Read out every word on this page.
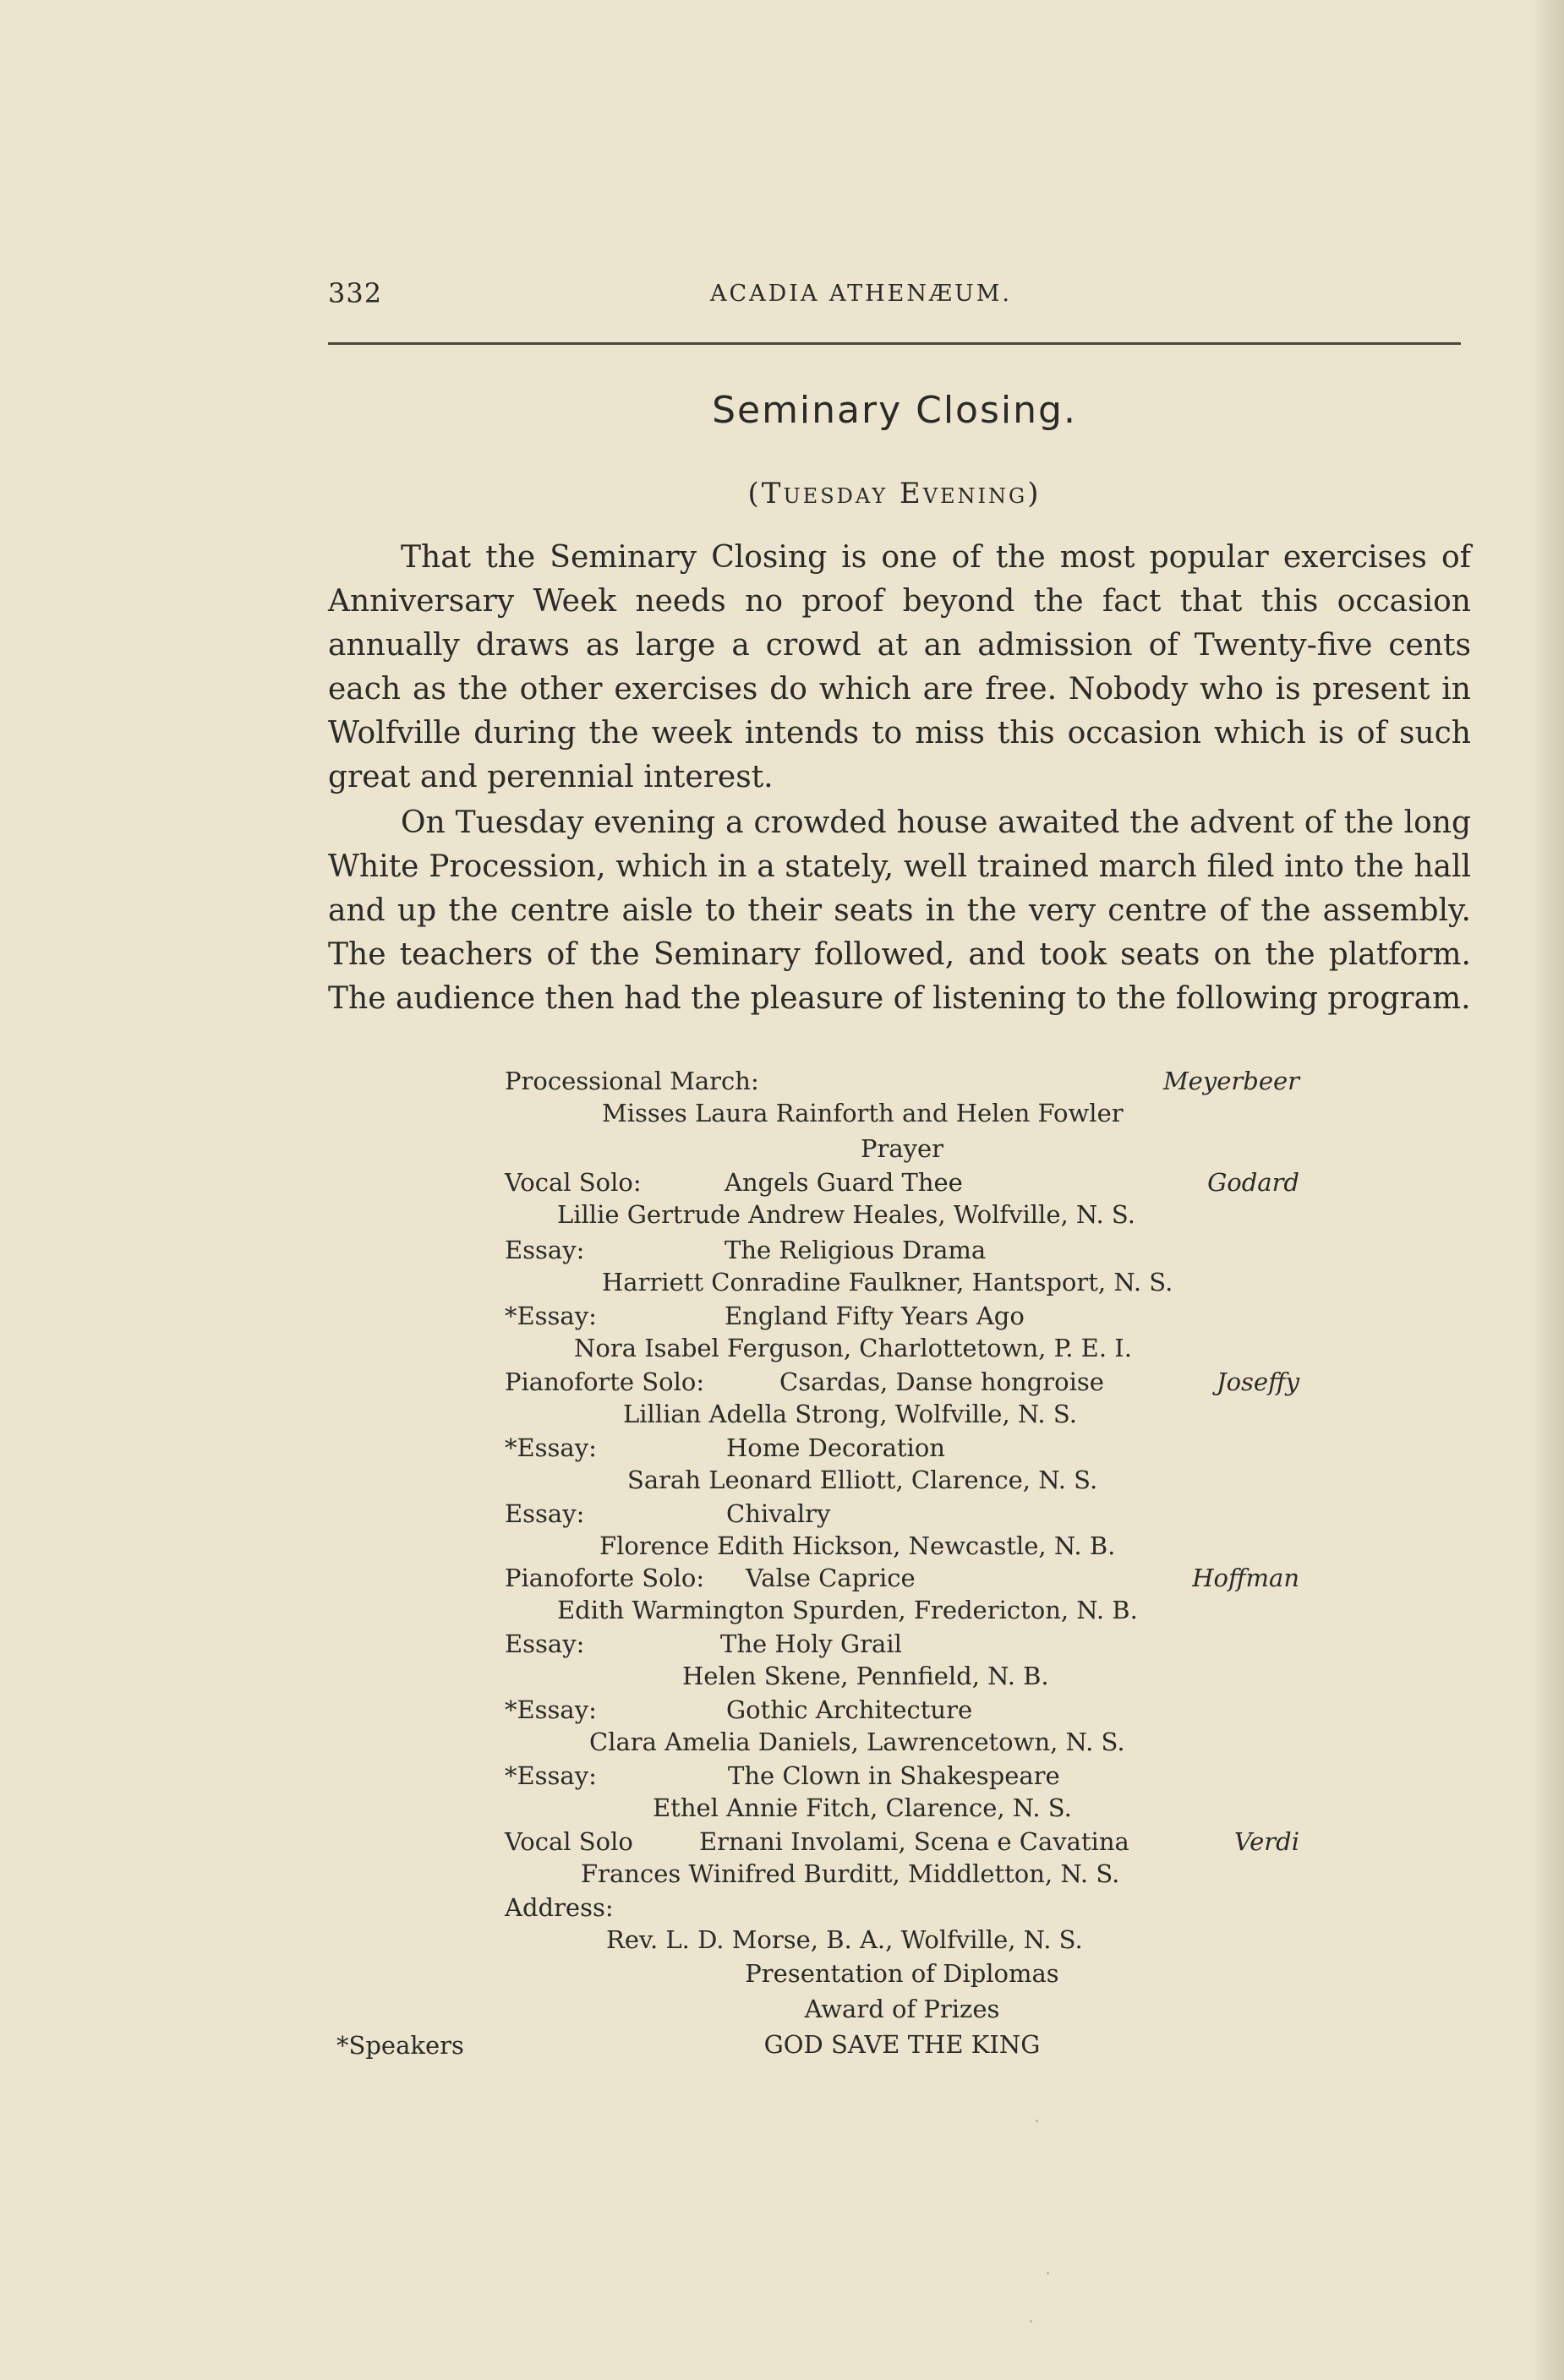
332	ACADIA ATHENÆUM.
Seminary Closing.
(Tuesday Evening)

That the Seminary Closing is one of the most popular exercises of Anniversary Week needs no proof beyond the fact that this occasion annually draws as large a crowd at an admission of Twenty-five cents each as the other exercises do which are free. Nobody who is present in Wolfville during the week intends to miss this occasion which is of such great and perennial interest.

On Tuesday evening a crowded house awaited the advent of the long White Procession, which in a stately, well trained march filed into the hall and up the centre aisle to their seats in the very centre of the assembly. The teachers of the Seminary followed, and took seats on the platform. The audience then had the pleasure of listening to the following program.

Processional March:	Meyerbeer
Misses Laura Rainforth and Helen Fowler
Prayer
Vocal Solo:	Angels Guard Thee	Godard
Lillie Gertrude Andrew Heales, Wolfville, N. S.
Essay:	The Religious Drama
Harriett Conradine Faulkner, Hantsport, N. S.
*Essay:	England Fifty Years Ago
Nora Isabel Ferguson, Charlottetown, P. E. I.
Pianoforte Solo:	Csardas, Danse hongroise	Joseffy
Lillian Adella Strong, Wolfville, N. S.
*Essay:	Home Decoration
Sarah Leonard Elliott, Clarence, N. S.
Essay:	Chivalry
Florence Edith Hickson, Newcastle, N. B.
Pianoforte Solo: Valse Caprice	Hoffman
Edith Warmington Spurden, Fredericton, N. B.
Essay:	The Holy Grail
Helen Skene, Pennfield, N. B.
*Essay:	Gothic Architecture
Clara Amelia Daniels, Lawrencetown, N. S.
*Essay:	The Clown in Shakespeare
Ethel Annie Fitch, Clarence, N. S.
Vocal Solo	Ernani Involami, Scena e Cavatina	Verdi
Frances Winifred Burditt, Middletton, N. S.
Address:
Rev. L. D. Morse, B. A., Wolfville, N. S.
Presentation of Diplomas
Award of Prizes
GOD SAVE THE KING
*Speakers
